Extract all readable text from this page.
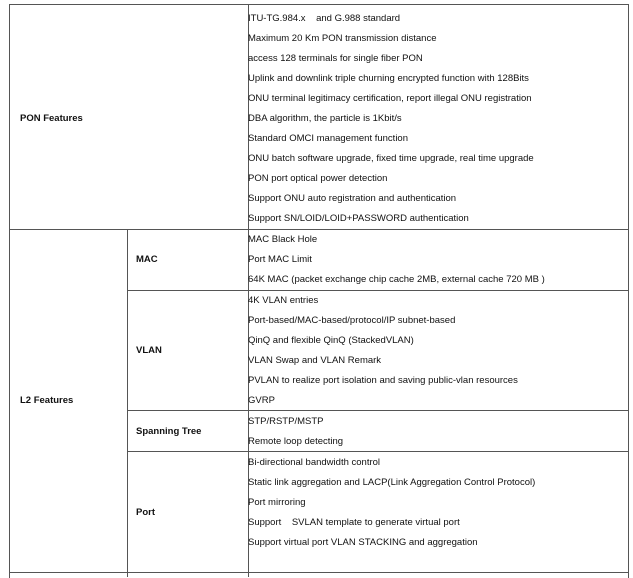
PON Features
L2 Features
MAC
VLAN
Spanning Tree
Port
ITU-TG.984.x    and G.988 standard
Maximum 20 Km PON transmission distance
access 128 terminals for single fiber PON
Uplink and downlink triple churning encrypted function with 128Bits
ONU terminal legitimacy certification, report illegal ONU registration
DBA algorithm, the particle is 1Kbit/s
Standard OMCI management function
ONU batch software upgrade, fixed time upgrade, real time upgrade
PON port optical power detection
Support ONU auto registration and authentication
Support SN/LOID/LOID+PASSWORD authentication
MAC Black Hole
Port MAC Limit
64K MAC (packet exchange chip cache 2MB, external cache 720 MB )
4K VLAN entries
Port-based/MAC-based/protocol/IP subnet-based
QinQ and flexible QinQ (StackedVLAN)
VLAN Swap and VLAN Remark
PVLAN to realize port isolation and saving public-vlan resources
GVRP
STP/RSTP/MSTP
Remote loop detecting
Bi-directional bandwidth control
Static link aggregation and LACP(Link Aggregation Control Protocol)
Port mirroring
Support    SVLAN template to generate virtual port
Support virtual port VLAN STACKING and aggregation
